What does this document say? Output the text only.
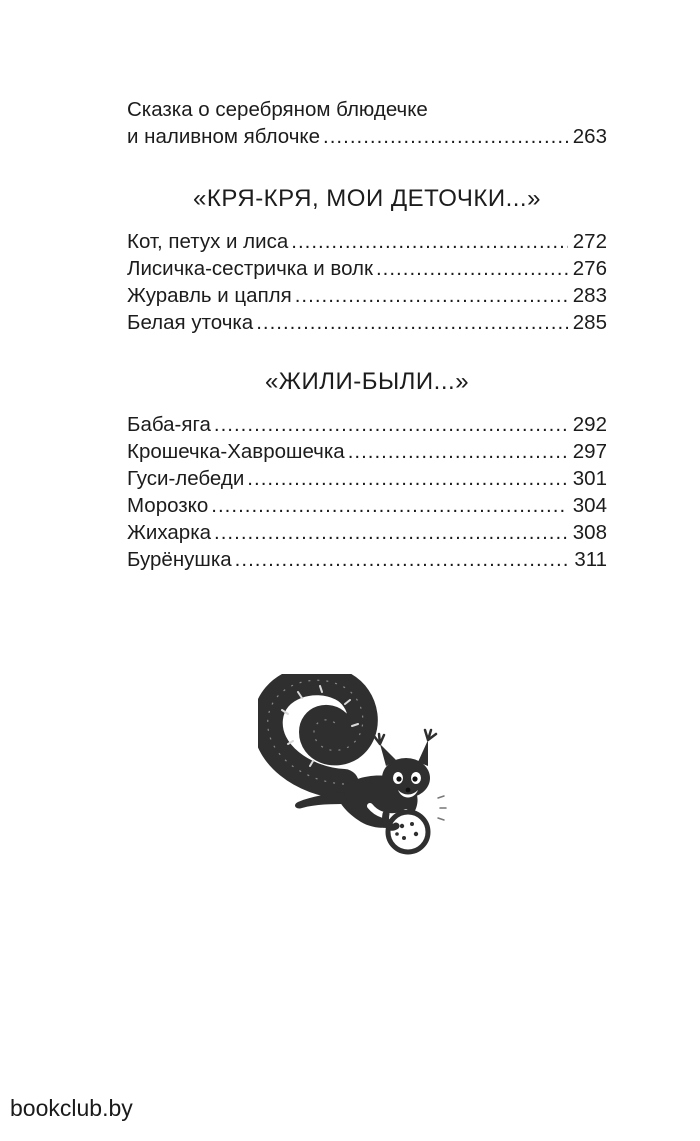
Сказка о серебряном блюдечке
и наливном яблочке .....	263
«КРЯ-КРЯ, МОИ ДЕТОЧКИ...»
Кот, петух и лиса .....	272
Лисичка-сестричка и волк .....	276
Журавль и цапля .....	283
Белая уточка .....	285
«ЖИЛИ-БЫЛИ...»
Баба-яга .....	292
Крошечка-Хаврошечка .....	297
Гуси-лебеди .....	301
Морозко .....	304
Жихарка .....	308
Бурёнушка .....	311
bookclub.by
